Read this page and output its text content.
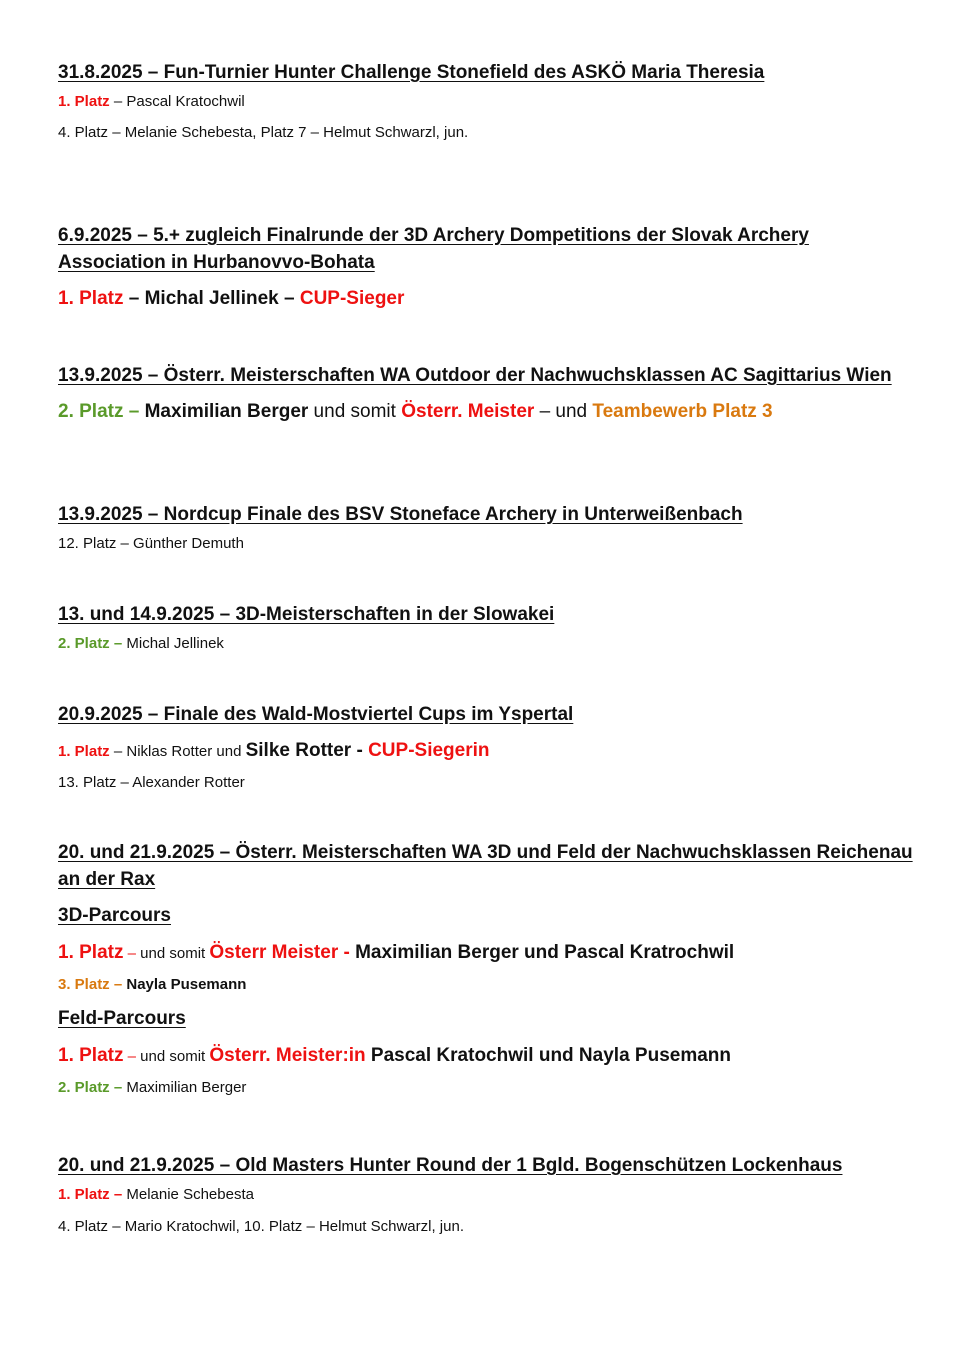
31.8.2025 – Fun-Turnier Hunter Challenge Stonefield des ASKÖ Maria Theresia

1. Platz – Pascal Kratochwil

4. Platz – Melanie Schebesta, Platz 7 – Helmut Schwarzl, jun.

6.9.2025 – 5.+ zugleich Finalrunde der 3D Archery Dompetitions der Slovak Archery Association in Hurbanovvo-Bohata

1. Platz – Michal Jellinek – CUP-Sieger

13.9.2025 – Österr. Meisterschaften WA Outdoor der Nachwuchsklassen AC Sagittarius Wien

2. Platz – Maximilian Berger und somit Österr. Meister – und Teambewerb Platz 3

13.9.2025 – Nordcup Finale des BSV Stoneface Archery in Unterweißenbach

12. Platz – Günther Demuth

13. und 14.9.2025 – 3D-Meisterschaften in der Slowakei

2. Platz – Michal Jellinek

20.9.2025 – Finale des Wald-Mostviertel Cups im Yspertal

1. Platz – Niklas Rotter und Silke Rotter - CUP-Siegerin

13. Platz – Alexander Rotter

20. und 21.9.2025 – Österr. Meisterschaften WA 3D und Feld der Nachwuchsklassen Reichenau an der Rax

3D-Parcours

1. Platz – und somit Österr Meister - Maximilian Berger und Pascal Kratrochwil

3. Platz – Nayla Pusemann

Feld-Parcours

1. Platz – und somit Österr. Meister:in Pascal Kratochwil und Nayla Pusemann

2. Platz – Maximilian Berger

20. und 21.9.2025 – Old Masters Hunter Round der 1 Bgld. Bogenschützen Lockenhaus

1. Platz – Melanie Schebesta

4. Platz – Mario Kratochwil, 10. Platz – Helmut Schwarzl, jun.
